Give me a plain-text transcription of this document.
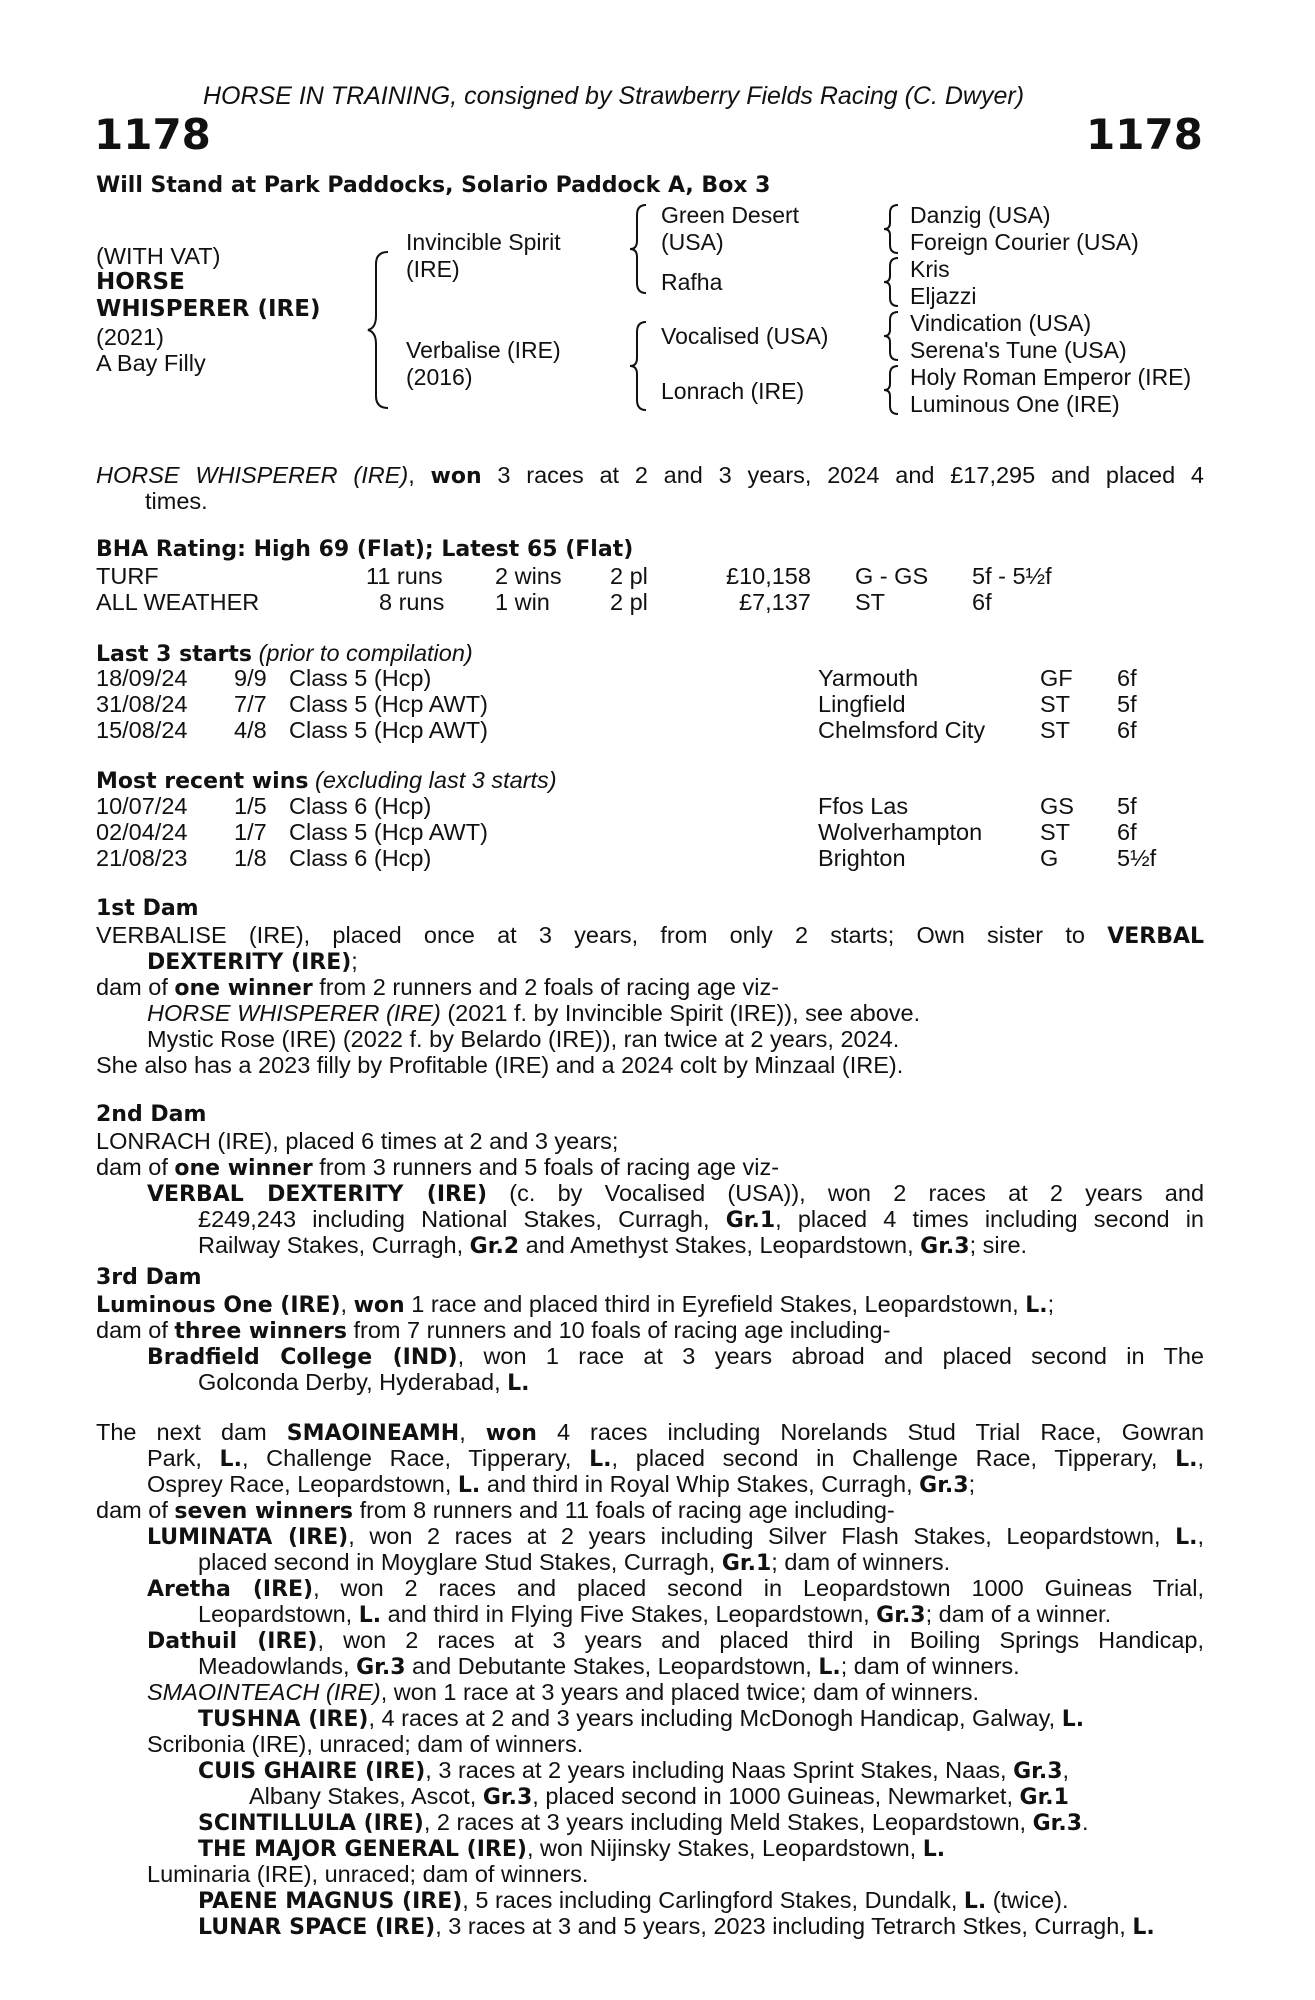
HORSE IN TRAINING, consigned by Strawberry Fields Racing (C. Dwyer)
1178	1178
Will Stand at Park Paddocks, Solario Paddock A, Box 3
(WITH VAT)
HORSE
WHISPERER (IRE)
(2021)
A Bay Filly
Invincible Spirit
(IRE)
Verbalise (IRE)
(2016)
Green Desert
(USA)
Rafha
Vocalised (USA)
Lonrach (IRE)
Danzig (USA)
Foreign Courier (USA)
Kris
Eljazzi
Vindication (USA)
Serena's Tune (USA)
Holy Roman Emperor (IRE)
Luminous One (IRE)
HORSE WHISPERER (IRE), won 3 races at 2 and 3 years, 2024 and £17,295 and placed 4
times.
BHA Rating: High 69 (Flat); Latest 65 (Flat)
TURF	11 runs 2 wins 2 pl	£10,158 G - GS 5f - 5½f
ALL WEATHER	8 runs 1 win	2 pl	£7,137 ST	6f
Last 3 starts (prior to compilation)
18/09/24 9/9 Class 5 (Hcp)	Yarmouth	GF 6f
31/08/24 7/7 Class 5 (Hcp AWT)	Lingfield	ST 5f
15/08/24 4/8 Class 5 (Hcp AWT)	Chelmsford City ST 6f
Most recent wins (excluding last 3 starts)
10/07/24 1/5 Class 6 (Hcp)	Ffos Las	GS 5f
02/04/24 1/7 Class 5 (Hcp AWT)	Wolverhampton ST 6f
21/08/23 1/8 Class 6 (Hcp)	Brighton	G 5½f
1st Dam
VERBALISE (IRE), placed once at 3 years, from only 2 starts; Own sister to VERBAL
DEXTERITY (IRE);
dam of one winner from 2 runners and 2 foals of racing age viz-
HORSE WHISPERER (IRE) (2021 f. by Invincible Spirit (IRE)), see above.
Mystic Rose (IRE) (2022 f. by Belardo (IRE)), ran twice at 2 years, 2024.
She also has a 2023 filly by Profitable (IRE) and a 2024 colt by Minzaal (IRE).
2nd Dam
LONRACH (IRE), placed 6 times at 2 and 3 years;
dam of one winner from 3 runners and 5 foals of racing age viz-
VERBAL DEXTERITY (IRE) (c. by Vocalised (USA)), won 2 races at 2 years and
£249,243 including National Stakes, Curragh, Gr.1, placed 4 times including second in
Railway Stakes, Curragh, Gr.2 and Amethyst Stakes, Leopardstown, Gr.3; sire.
3rd Dam
Luminous One (IRE), won 1 race and placed third in Eyrefield Stakes, Leopardstown, L.;
dam of three winners from 7 runners and 10 foals of racing age including-
Bradfield College (IND), won 1 race at 3 years abroad and placed second in The
Golconda Derby, Hyderabad, L.
The next dam SMAOINEAMH, won 4 races including Norelands Stud Trial Race, Gowran
Park, L., Challenge Race, Tipperary, L., placed second in Challenge Race, Tipperary, L.,
Osprey Race, Leopardstown, L. and third in Royal Whip Stakes, Curragh, Gr.3;
dam of seven winners from 8 runners and 11 foals of racing age including-
LUMINATA (IRE), won 2 races at 2 years including Silver Flash Stakes, Leopardstown, L.,
placed second in Moyglare Stud Stakes, Curragh, Gr.1; dam of winners.
Aretha (IRE), won 2 races and placed second in Leopardstown 1000 Guineas Trial,
Leopardstown, L. and third in Flying Five Stakes, Leopardstown, Gr.3; dam of a winner.
Dathuil (IRE), won 2 races at 3 years and placed third in Boiling Springs Handicap,
Meadowlands, Gr.3 and Debutante Stakes, Leopardstown, L.; dam of winners.
SMAOINTEACH (IRE), won 1 race at 3 years and placed twice; dam of winners.
TUSHNA (IRE), 4 races at 2 and 3 years including McDonogh Handicap, Galway, L.
Scribonia (IRE), unraced; dam of winners.
CUIS GHAIRE (IRE), 3 races at 2 years including Naas Sprint Stakes, Naas, Gr.3,
Albany Stakes, Ascot, Gr.3, placed second in 1000 Guineas, Newmarket, Gr.1
SCINTILLULA (IRE), 2 races at 3 years including Meld Stakes, Leopardstown, Gr.3.
THE MAJOR GENERAL (IRE), won Nijinsky Stakes, Leopardstown, L.
Luminaria (IRE), unraced; dam of winners.
PAENE MAGNUS (IRE), 5 races including Carlingford Stakes, Dundalk, L. (twice).
LUNAR SPACE (IRE), 3 races at 3 and 5 years, 2023 including Tetrarch Stkes, Curragh, L.
